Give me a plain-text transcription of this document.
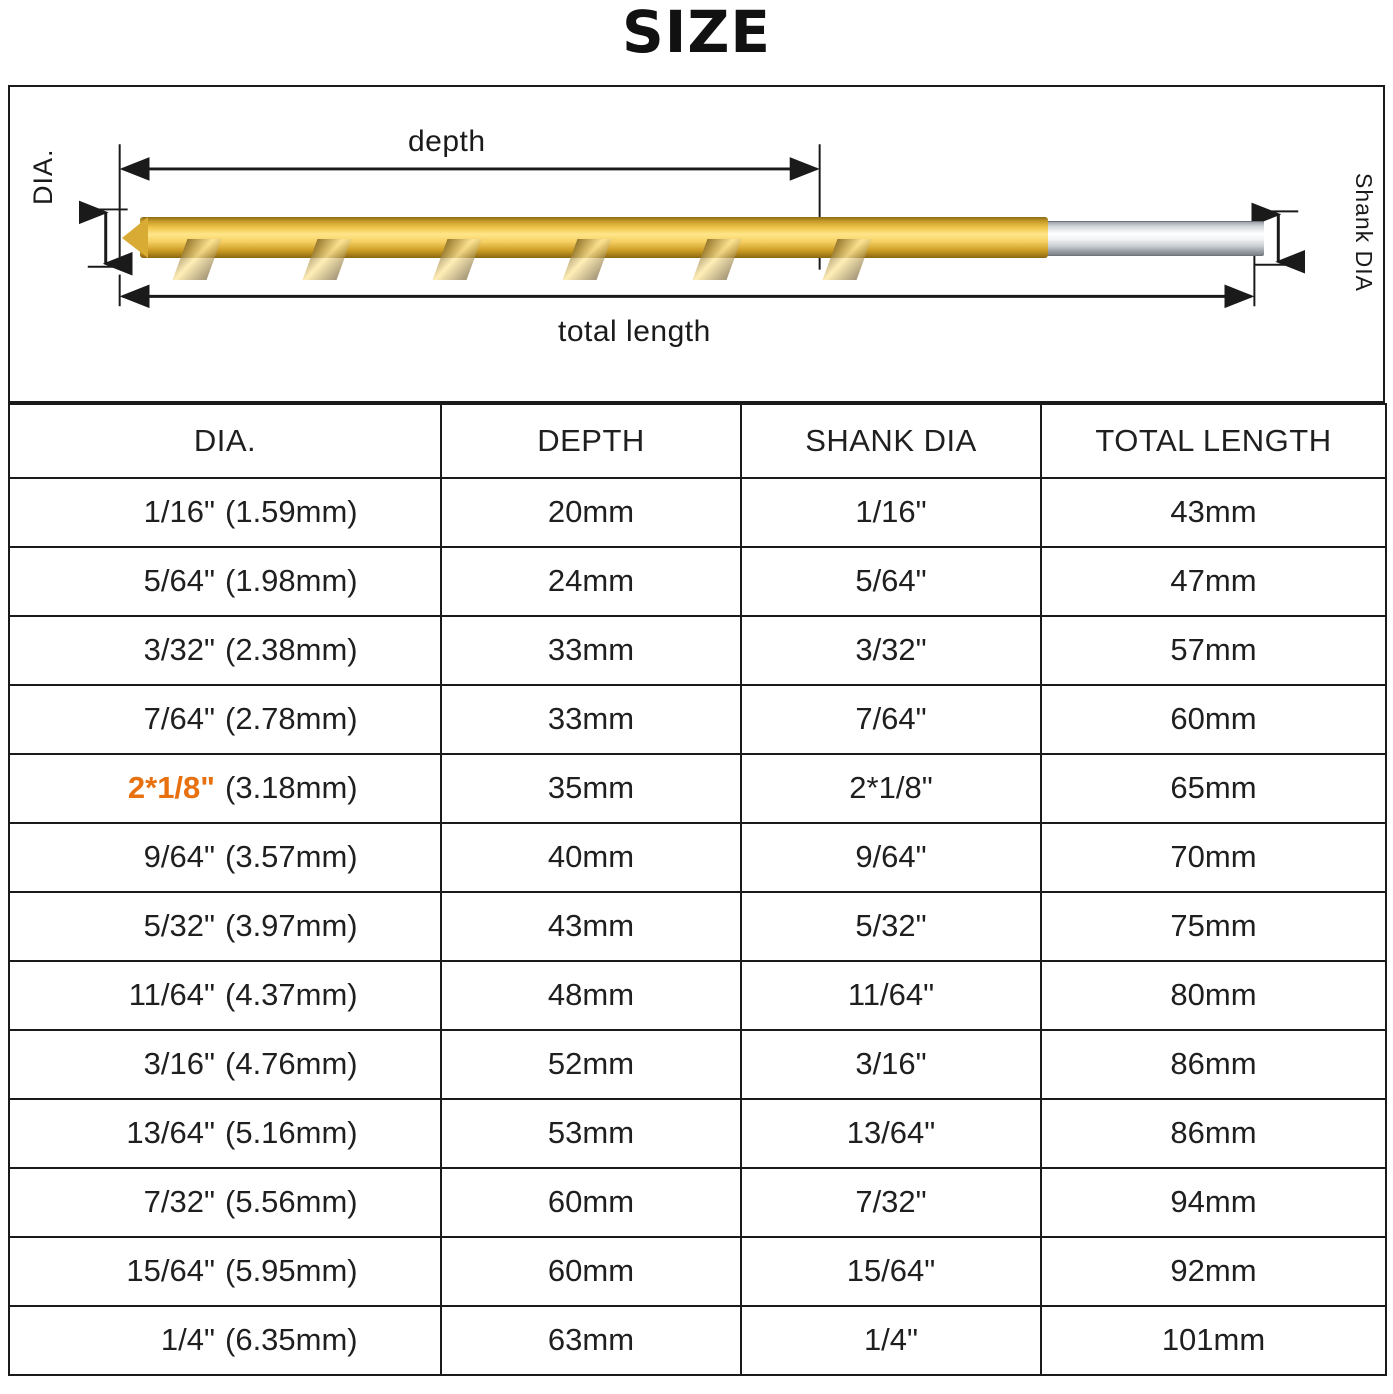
SIZE
depth
total length
DIA.	Shank DIA
DIA.	DEPTH	SHANK DIA	TOTAL LENGTH

1/16" (1.59mm)	20mm	1/16"	43mm

5/64" (1.98mm)	24mm	5/64"	47mm

3/32" (2.38mm)	33mm	3/32"	57mm

7/64" (2.78mm)	33mm	7/64"	60mm

2*1/8" (3.18mm)	35mm	2*1/8"	65mm

9/64" (3.57mm)	40mm	9/64"	70mm

5/32" (3.97mm)	43mm	5/32"	75mm

11/64" (4.37mm)	48mm	11/64"	80mm

3/16" (4.76mm)	52mm	3/16"	86mm

13/64" (5.16mm)	53mm	13/64"	86mm

7/32" (5.56mm)	60mm	7/32"	94mm

15/64" (5.95mm)	60mm	15/64"	92mm

1/4" (6.35mm)	63mm	1/4"	101mm
